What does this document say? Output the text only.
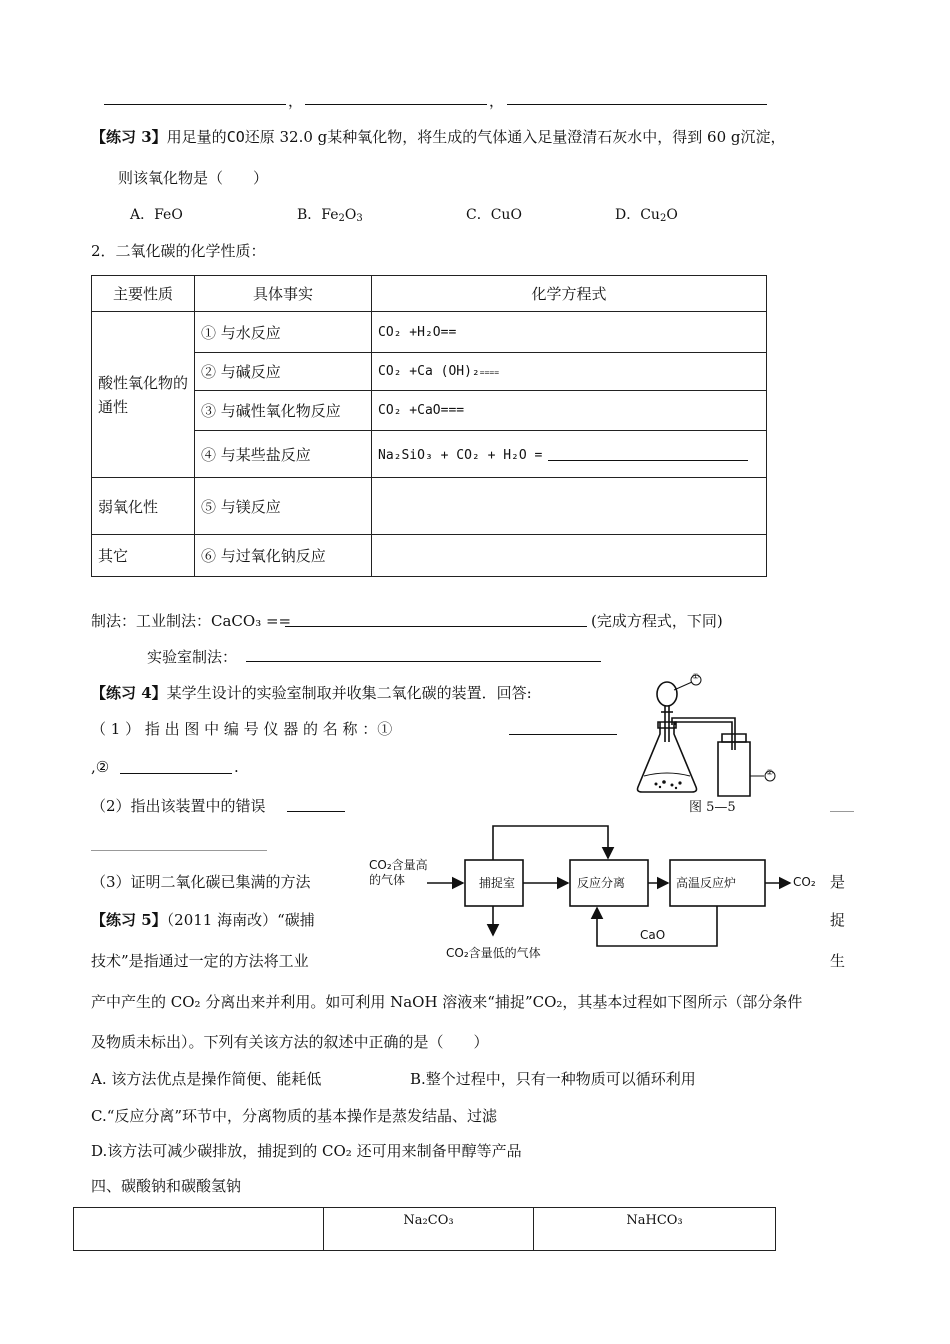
，	，
【练习 3】用足量的CO还原 32.0 g某种氧化物，将生成的气体通入足量澄清石灰水中，得到 60 g沉淀，
则该氧化物是（　　）
A．FeO	B．$Fe_2O_3$	C．CuO	D．$Cu_2O$
2．二氧化碳的化学性质：
主要性质	具体事实	化学方程式
酸性氧化物的通性	① 与水反应	CO₂ +H₂O==
	② 与碱反应	CO₂ +Ca (OH)₂====
	③ 与碱性氧化物反应	CO₂ +CaO===
	④ 与某些盐反应	Na₂SiO₃ + CO₂ + H₂O =
弱氧化性	⑤ 与镁反应	
其它	⑥ 与过氧化钠反应	
制法：工业制法：CaCO₃ ==	(完成方程式，下同)
实验室制法：
【练习 4】某学生设计的实验室制取并收集二氧化碳的装置．回答:
（ 1 ） 指 出 图 中 编 号 仪 器 的 名 称 ：①
,②	.
（2）指出该装置中的错误
（3）证明二氧化碳已集满的方法	是
①
②
图 5—5
【练习 5】（2011 海南改）“碳捕	捉
技术”是指通过一定的方法将工业	生
产中产生的 CO₂ 分离出来并利用。如可利用 NaOH 溶液来“捕捉”CO₂，其基本过程如下图所示（部分条件
及物质未标出）。下列有关该方法的叙述中正确的是（　　）
A. 该方法优点是操作简便、能耗低	B.整个过程中，只有一种物质可以循环利用
C.“反应分离”环节中，分离物质的基本操作是蒸发结晶、过滤
D.该方法可减少碳排放，捕捉到的 CO₂ 还可用来制备甲醇等产品
CO₂含量高
的气体	捕捉室	反应分离	高温反应炉	CO₂
CO₂含量低的气体
CaO
四、碳酸钠和碳酸氢钠
	Na₂CO₃	NaHCO₃
